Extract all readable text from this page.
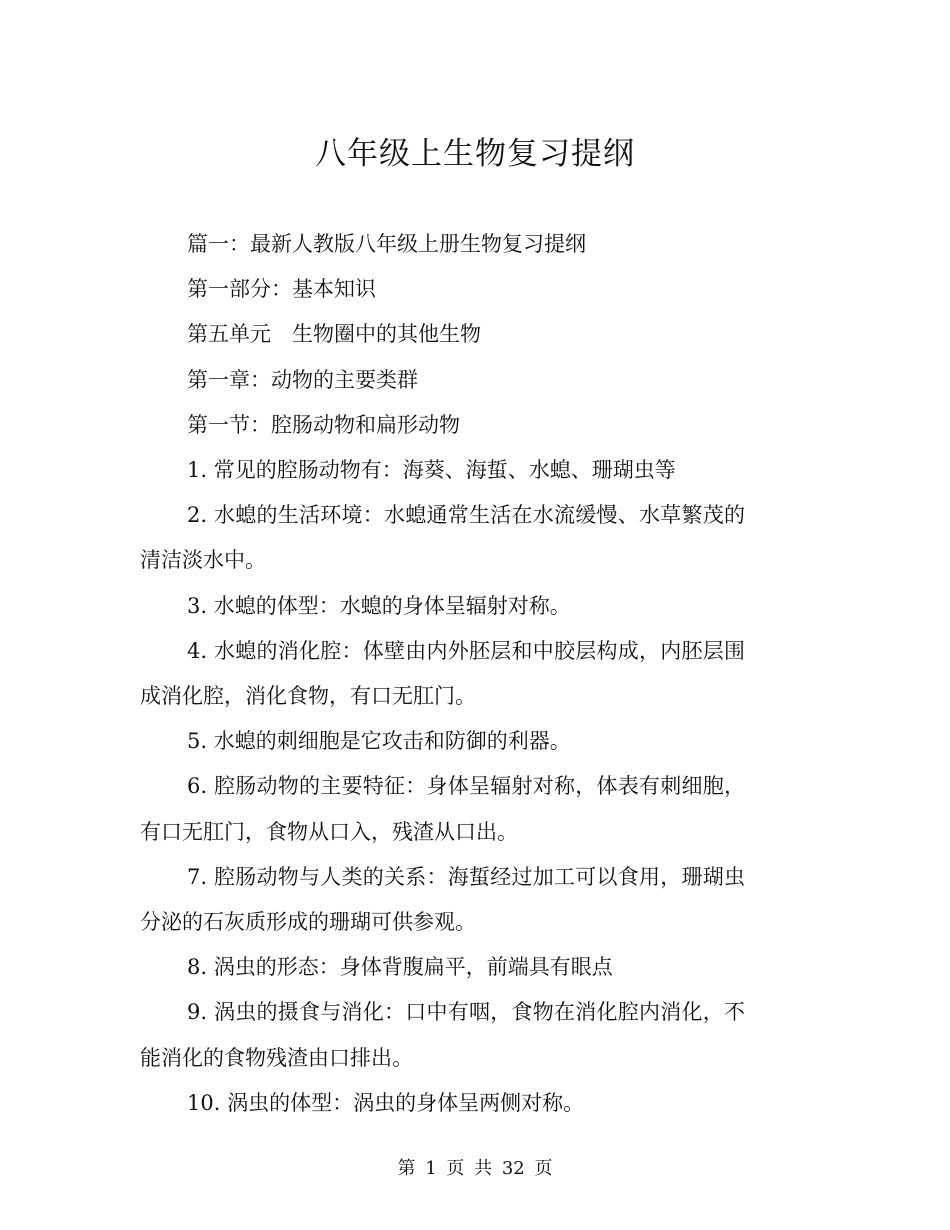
八年级上生物复习提纲

篇一：最新人教版八年级上册生物复习提纲

第一部分：基本知识

第五单元　生物圈中的其他生物

第一章：动物的主要类群

第一节：腔肠动物和扁形动物

1. 常见的腔肠动物有：海葵、海蜇、水螅、珊瑚虫等

2. 水螅的生活环境：水螅通常生活在水流缓慢、水草繁茂的清洁淡水中。

3. 水螅的体型：水螅的身体呈辐射对称。

4. 水螅的消化腔：体壁由内外胚层和中胶层构成，内胚层围成消化腔，消化食物，有口无肛门。

5. 水螅的刺细胞是它攻击和防御的利器。

6. 腔肠动物的主要特征：身体呈辐射对称，体表有刺细胞，有口无肛门，食物从口入，残渣从口出。

7. 腔肠动物与人类的关系：海蜇经过加工可以食用，珊瑚虫分泌的石灰质形成的珊瑚可供参观。

8. 涡虫的形态：身体背腹扁平，前端具有眼点

9. 涡虫的摄食与消化：口中有咽，食物在消化腔内消化，不能消化的食物残渣由口排出。

10. 涡虫的体型：涡虫的身体呈两侧对称。

第 1 页 共 32 页
